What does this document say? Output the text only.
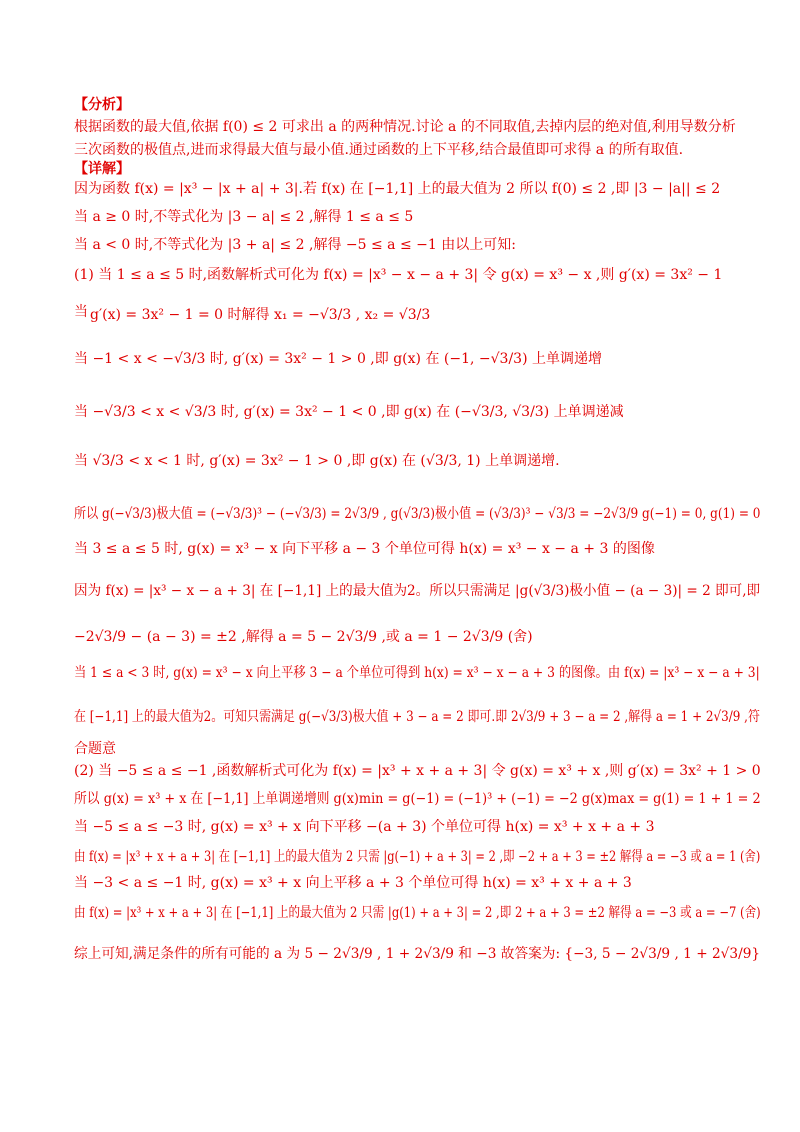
【分析】
根据函数的最大值,依据 f(0) ≤ 2 可求出 a 的两种情况.讨论 a 的不同取值,去掉内层的绝对值,利用导数分析
三次函数的极值点,进而求得最大值与最小值.通过函数的上下平移,结合最值即可求得 a 的所有取值.
【详解】
因为函数 f(x) = |x³ − |x + a| + 3|.若 f(x) 在 [−1,1] 上的最大值为 2 所以 f(0) ≤ 2 ,即 |3 − |a|| ≤ 2
当 a ≥ 0 时,不等式化为 |3 − a| ≤ 2 ,解得 1 ≤ a ≤ 5
当 a < 0 时,不等式化为 |3 + a| ≤ 2 ,解得 −5 ≤ a ≤ −1 由以上可知:
(1) 当 1 ≤ a ≤ 5 时,函数解析式可化为 f(x) = |x³ − x − a + 3| 令 g(x) = x³ − x ,则 g′(x) = 3x² − 1
当 g′(x) = 3x² − 1 = 0 时解得 x₁ = −√3/3 , x₂ = √3/3
当 −1 < x < −√3/3 时, g′(x) = 3x² − 1 > 0 ,即 g(x) 在 (−1, −√3/3) 上单调递增
当 −√3/3 < x < √3/3 时, g′(x) = 3x² − 1 < 0 ,即 g(x) 在 (−√3/3, √3/3) 上单调递减
当 √3/3 < x < 1 时, g′(x) = 3x² − 1 > 0 ,即 g(x) 在 (√3/3, 1) 上单调递增.
所以 g(−√3/3)极大值 = (−√3/3)³ − (−√3/3) = 2√3/9 , g(√3/3)极小值 = (√3/3)³ − √3/3 = −2√3/9 g(−1) = 0, g(1) = 0
当 3 ≤ a ≤ 5 时, g(x) = x³ − x 向下平移 a − 3 个单位可得 h(x) = x³ − x − a + 3 的图像
因为 f(x) = |x³ − x − a + 3| 在 [−1,1] 上的最大值为2。所以只需满足 |g(√3/3)极小值 − (a − 3)| = 2 即可,即
−2√3/9 − (a − 3) = ±2 ,解得 a = 5 − 2√3/9 ,或 a = 1 − 2√3/9 (舍)
当 1 ≤ a < 3 时, g(x) = x³ − x 向上平移 3 − a 个单位可得到 h(x) = x³ − x − a + 3 的图像。由 f(x) = |x³ − x − a + 3|
在 [−1,1] 上的最大值为2。可知只需满足 g(−√3/3)极大值 + 3 − a = 2 即可.即 2√3/9 + 3 − a = 2 ,解得 a = 1 + 2√3/9 ,符
合题意
(2) 当 −5 ≤ a ≤ −1 ,函数解析式可化为 f(x) = |x³ + x + a + 3| 令 g(x) = x³ + x ,则 g′(x) = 3x² + 1 > 0
所以 g(x) = x³ + x 在 [−1,1] 上单调递增则 g(x)min = g(−1) = (−1)³ + (−1) = −2 g(x)max = g(1) = 1 + 1 = 2
当 −5 ≤ a ≤ −3 时, g(x) = x³ + x 向下平移 −(a + 3) 个单位可得 h(x) = x³ + x + a + 3
由 f(x) = |x³ + x + a + 3| 在 [−1,1] 上的最大值为 2 只需 |g(−1) + a + 3| = 2 ,即 −2 + a + 3 = ±2 解得 a = −3 或 a = 1 (舍)
当 −3 < a ≤ −1 时, g(x) = x³ + x 向上平移 a + 3 个单位可得 h(x) = x³ + x + a + 3
由 f(x) = |x³ + x + a + 3| 在 [−1,1] 上的最大值为 2 只需 |g(1) + a + 3| = 2 ,即 2 + a + 3 = ±2 解得 a = −3 或 a = −7 (舍)
综上可知,满足条件的所有可能的 a 为 5 − 2√3/9 , 1 + 2√3/9 和 −3 故答案为: {−3, 5 − 2√3/9 , 1 + 2√3/9}
